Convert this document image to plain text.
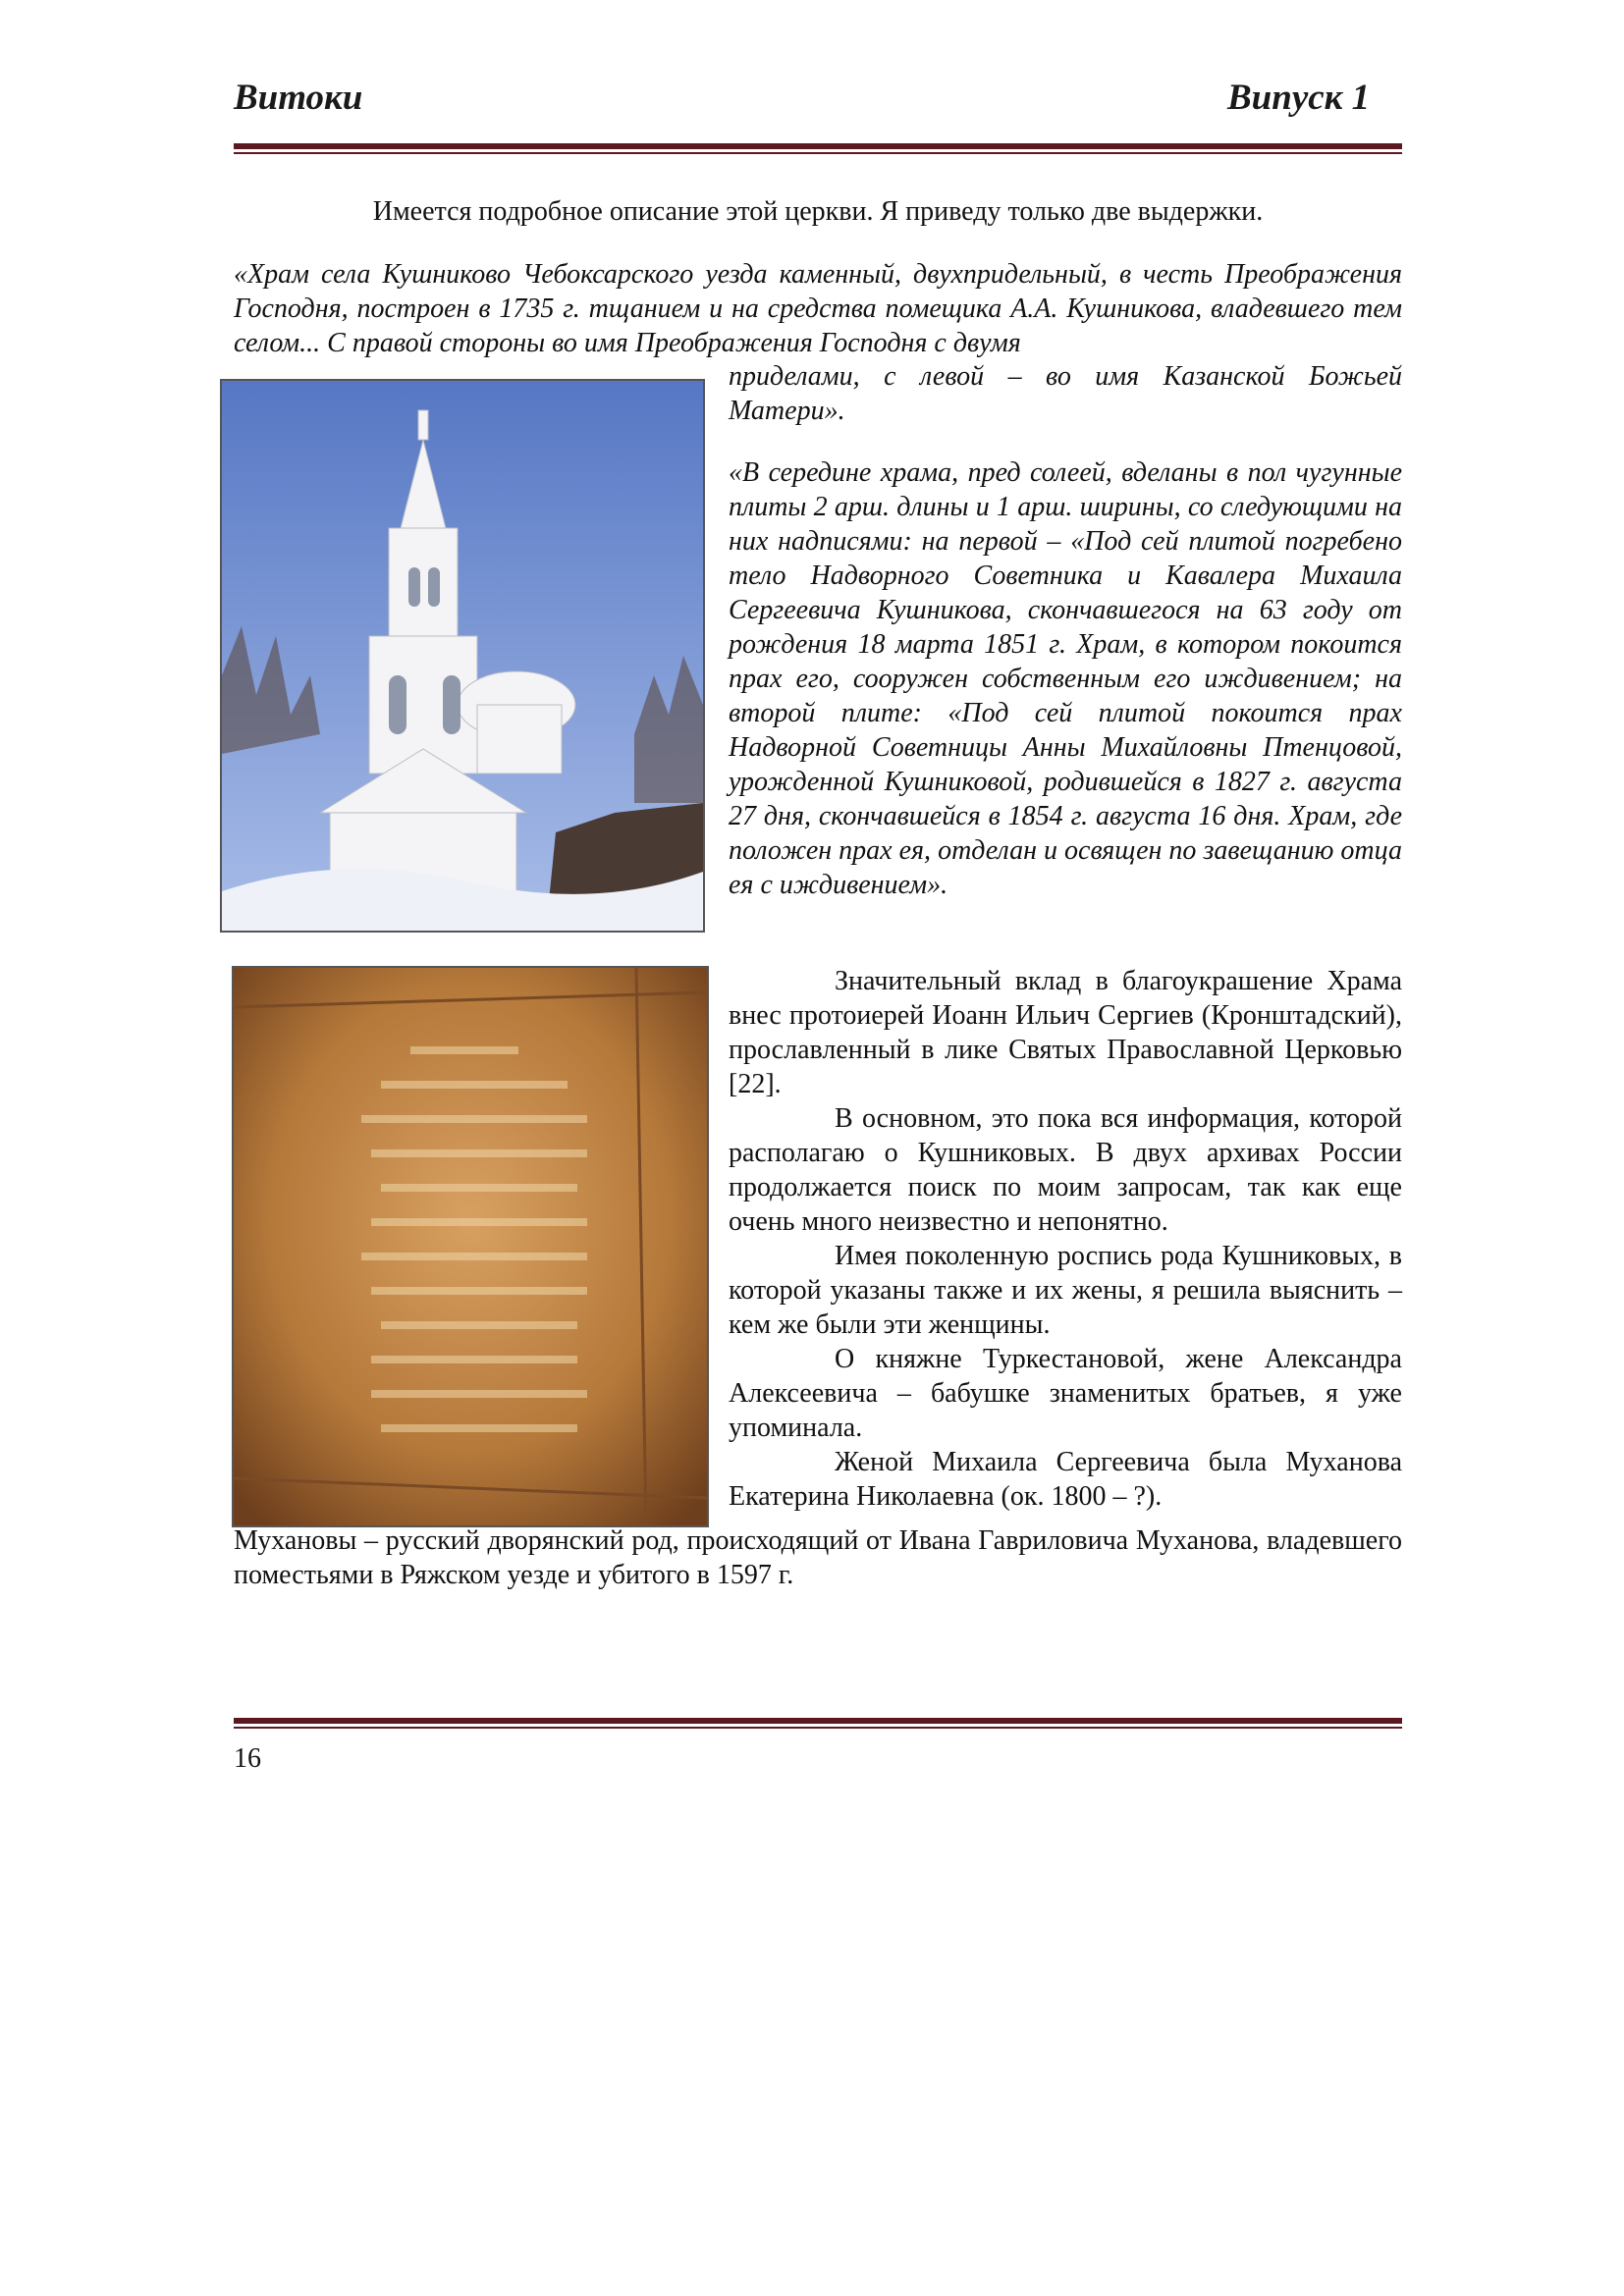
Витоки	Випуск 1
Имеется подробное описание этой церкви. Я приведу только две выдержки.
«Храм села Кушниково Чебоксарского уезда каменный, двухпридельный, в честь Преображения Господня, построен в 1735 г. тщанием и на средства помещика А.А. Кушникова, владевшего тем селом... С правой стороны во имя Преображения Господня с двумя
приделами, с левой – во имя Казанской Божьей Матери».
«В середине храма, пред солеей, вделаны в пол чугунные плиты 2 арш. длины и 1 арш. ширины, со следующими на них надписями: на первой – «Под сей плитой погребено тело Надворного Советника и Кавалера Михаила Сергеевича Кушникова, скончавшегося на 63 году от рождения 18 марта 1851 г. Храм, в котором покоится прах его, сооружен собственным его иждивением; на второй плите: «Под сей плитой покоится прах Надворной Советницы Анны Михайловны Птенцовой, урожденной Кушниковой, родившейся в 1827 г. августа 27 дня, скончавшейся в 1854 г. августа 16 дня. Храм, где положен прах ея, отделан и освящен по завещанию отца ея с иждивением».

Значительный вклад в благоукрашение Храма внес протоиерей Иоанн Ильич Сергиев (Кронштадский), прославленный в лике Святых Православной Церковью [22].

В основном, это пока вся информация, которой располагаю о Кушниковых. В двух архивах России продолжается поиск по моим запросам, так как еще очень много неизвестно и непонятно.

Имея поколенную роспись рода Кушниковых, в которой указаны также и их жены, я решила выяснить – кем же были эти женщины.

О княжне Туркестановой, жене Александра Алексеевича – бабушке знаменитых братьев, я уже упоминала.

Женой Михаила Сергеевича была Муханова Екатерина Николаевна (ок. 1800 – ?).

Мухановы – русский дворянский род, происходящий от Ивана Гавриловича Муханова, владевшего поместьями в Ряжском уезде и убитого в 1597 г.

16
